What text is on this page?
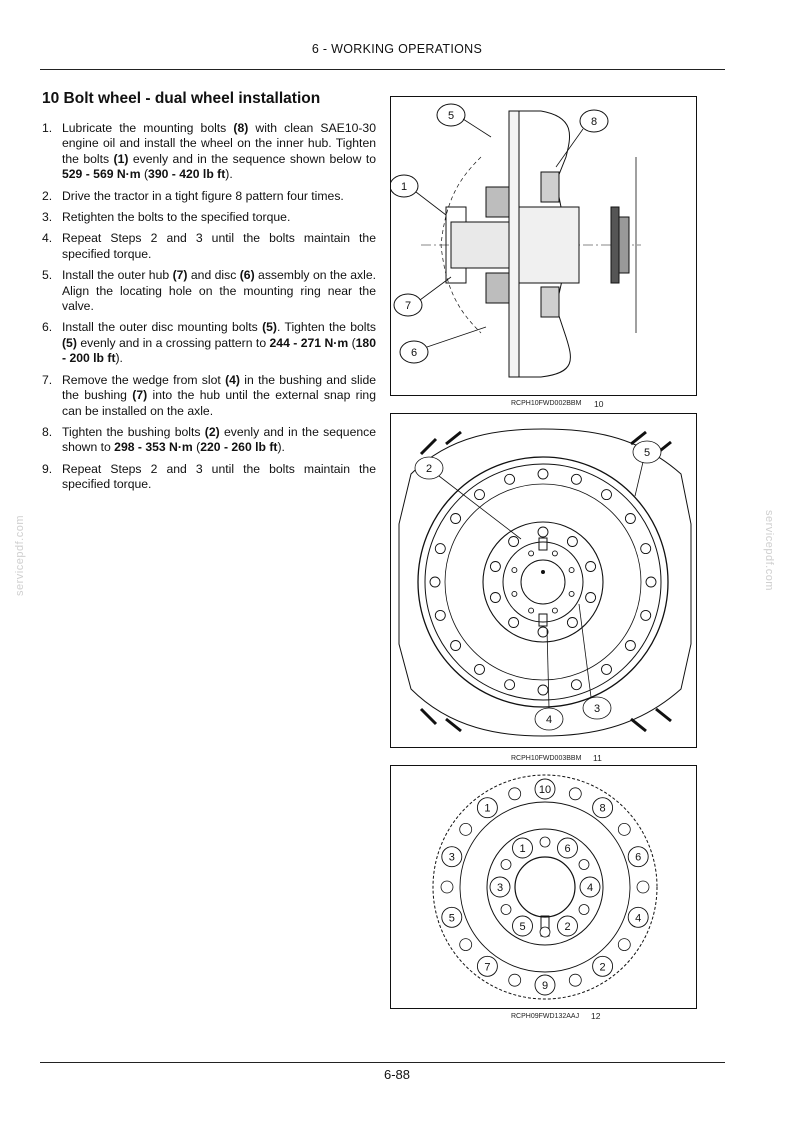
6 - WORKING OPERATIONS
10 Bolt wheel - dual wheel installation
1. Lubricate the mounting bolts (8) with clean SAE10-30 engine oil and install the wheel on the inner hub. Tighten the bolts (1) evenly and in the sequence shown below to 529 - 569 N·m (390 - 420 lb ft).
2. Drive the tractor in a tight figure 8 pattern four times.
3. Retighten the bolts to the specified torque.
4. Repeat Steps 2 and 3 until the bolts maintain the specified torque.
5. Install the outer hub (7) and disc (6) assembly on the axle. Align the locating hole on the mounting ring near the valve.
6. Install the outer disc mounting bolts (5). Tighten the bolts (5) evenly and in a crossing pattern to 244 - 271 N·m (180 - 200 lb ft).
7. Remove the wedge from slot (4) in the bushing and slide the bushing (7) into the hub until the external snap ring can be installed on the axle.
8. Tighten the bushing bolts (2) evenly and in the sequence shown to 298 - 353 N·m (220 - 260 lb ft).
9. Repeat Steps 2 and 3 until the bolts maintain the specified torque.
servicepdf.com	servicepdf.com
5	8
1
7
6
RCPH10FWD002BBM 10
2
5
4
3
RCPH10FWD003BBM 11
10
8
6
4
2
9
7
5
3
1
6
4
2
5
3
1
RCPH09FWD132AAJ 12
6-88
